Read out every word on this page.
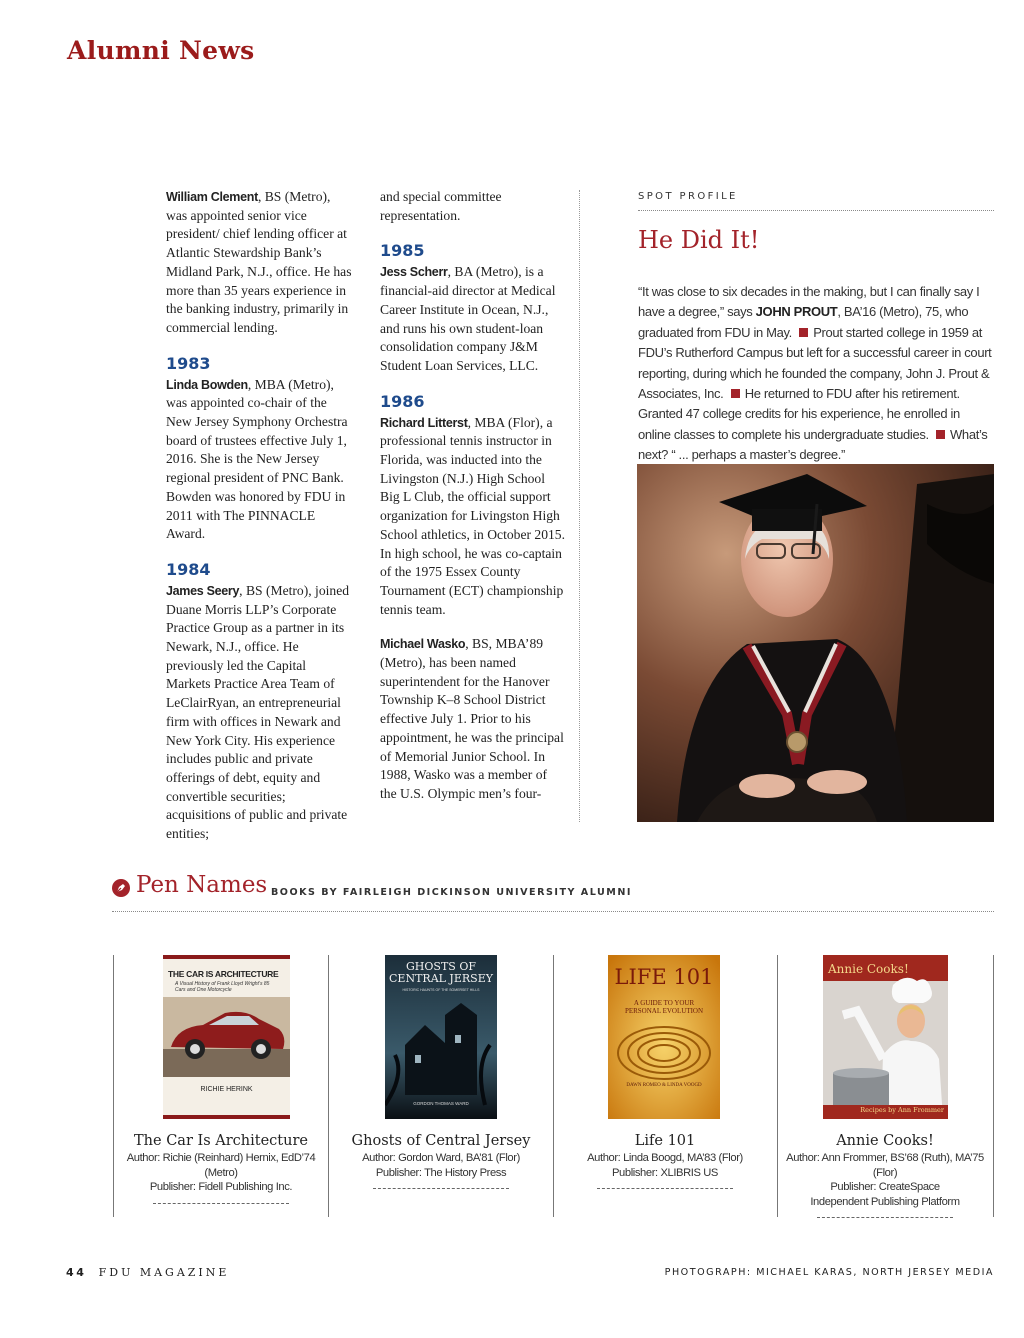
Alumni News

William Clement, BS (Metro), was appointed senior vice president/ chief lending officer at Atlantic Stewardship Bank’s Midland Park, N.J., office. He has more than 35 years experience in the banking industry, primarily in commercial lending.

1983

Linda Bowden, MBA (Metro), was appointed co-chair of the New Jersey Symphony Orchestra board of trustees effective July 1, 2016. She is the New Jersey regional president of PNC Bank. Bowden was honored by FDU in 2011 with The PINNACLE Award.

1984

James Seery, BS (Metro), joined Duane Morris LLP’s Corporate Practice Group as a partner in its Newark, N.J., office. He previously led the Capital Markets Practice Area Team of LeClairRyan, an entrepreneurial firm with offices in Newark and New York City. His experience includes public and private offerings of debt, equity and convertible securities; acquisitions of public and private entities;

and special committee representation.

1985

Jess Scherr, BA (Metro), is a financial-aid director at Medical Career Institute in Ocean, N.J., and runs his own student-loan consolidation company J&M Student Loan Services, LLC.

1986

Richard Litterst, MBA (Flor), a professional tennis instructor in Florida, was inducted into the Livingston (N.J.) High School Big L Club, the official support organization for Livingston High School athletics, in October 2015. In high school, he was co-captain of the 1975 Essex County Tournament (ECT) championship tennis team.

Michael Wasko, BS, MBA’89 (Metro), has been named superintendent for the Hanover Township K–8 School District effective July 1. Prior to his appointment, he was the principal of Memorial Junior School. In 1988, Wasko was a member of the U.S. Olympic men’s four-

SPOT PROFILE
He Did It!
“It was close to six decades in the making, but I can finally say I have a degree,” says JOHN PROUT, BA’16 (Metro), 75, who graduated from FDU in May. Prout started college in 1959 at FDU’s Rutherford Campus but left for a successful career in court reporting, during which he founded the company, John J. Prout & Associates, Inc. He returned to FDU after his retirement. Granted 47 college credits for his experience, he enrolled in online classes to complete his undergraduate studies. What’s next? “ ... perhaps a master’s degree.”
Pen Names BOOKS BY FAIRLEIGH DICKINSON UNIVERSITY ALUMNI
THE CAR IS ARCHITECTURE
A Visual History of Frank Lloyd Wright’s 85 Cars and One Motorcycle
RICHIE HERINK
GHOSTS OF
CENTRAL JERSEY
HISTORIC HAUNTS OF THE SOMERSET HILLS
GORDON THOMAS WARD
LIFE 101
A GUIDE TO YOUR PERSONAL EVOLUTION
DAWN ROMEO & LINDA VOOGD
Annie Cooks!
Recipes by Ann Frommer
The Car Is Architecture
Author: Richie (Reinhard) Hernix, EdD’74 (Metro)
Publisher: Fidell Publishing Inc.
Ghosts of Central Jersey
Author: Gordon Ward, BA’81 (Flor)
Publisher: The History Press
Life 101
Author: Linda Boogd, MA’83 (Flor)
Publisher: XLIBRIS US
Annie Cooks!
Author: Ann Frommer, BS’68 (Ruth), MA’75 (Flor)
Publisher: CreateSpace
Independent Publishing Platform
44 FDU MAGAZINE	PHOTOGRAPH: MICHAEL KARAS, NORTH JERSEY MEDIA
